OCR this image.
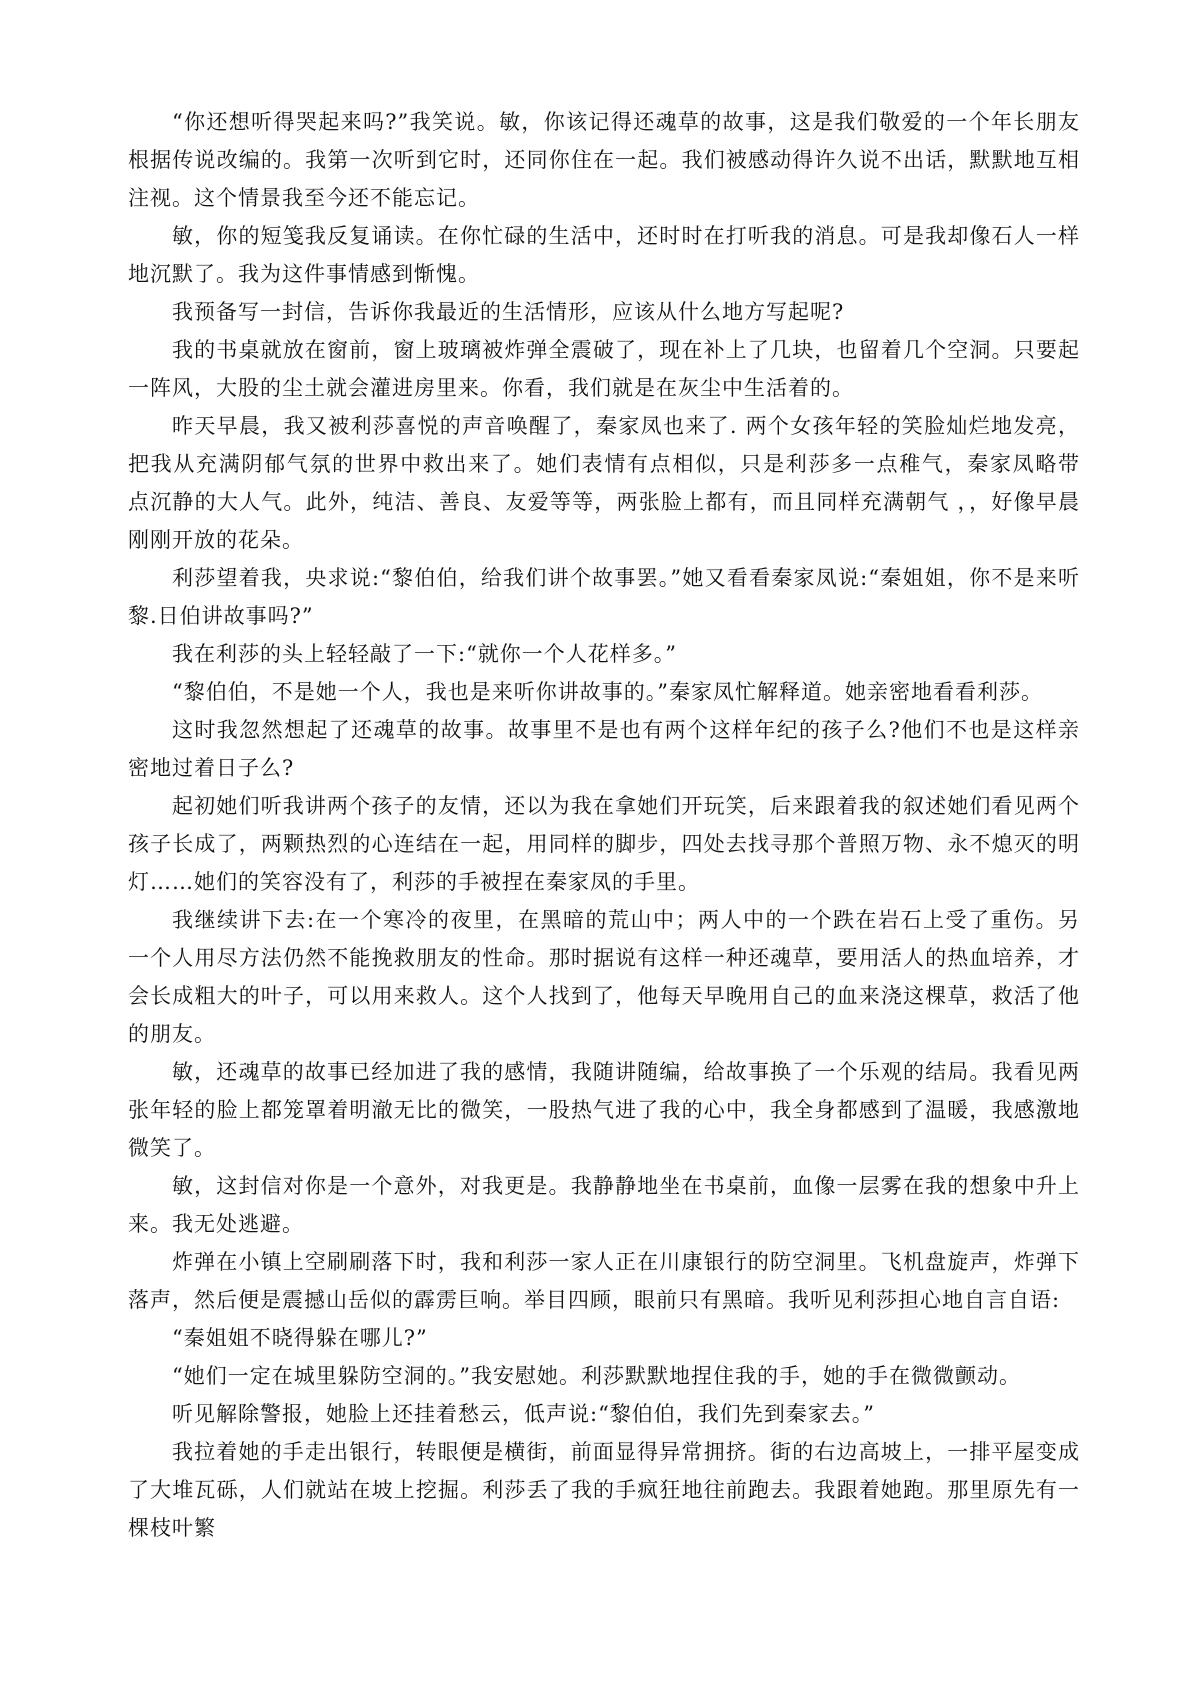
“你还想听得哭起来吗?”我笑说。敏，你该记得还魂草的故事，这是我们敬爱的一个年长朋友根据传说改编的。我第一次听到它时，还同你住在一起。我们被感动得许久说不出话，默默地互相注视。这个情景我至今还不能忘记。

敏，你的短笺我反复诵读。在你忙碌的生活中，还时时在打听我的消息。可是我却像石人一样地沉默了。我为这件事情感到惭愧。

我预备写一封信，告诉你我最近的生活情形，应该从什么地方写起呢?

我的书桌就放在窗前，窗上玻璃被炸弹全震破了，现在补上了几块，也留着几个空洞。只要起一阵风，大股的尘土就会灌进房里来。你看，我们就是在灰尘中生活着的。

昨天早晨，我又被利莎喜悦的声音唤醒了，秦家凤也来了. 两个女孩年轻的笑脸灿烂地发亮，把我从充满阴郁气氛的世界中救出来了。她们表情有点相似，只是利莎多一点稚气，秦家凤略带　 点沉静的大人气。此外，纯洁、善良、友爱等等，两张脸上都有，而且同样充满朝气 ，，好像早晨刚刚开放的花朵。

利莎望着我，央求说:“黎伯伯，给我们讲个故事罢。”她又看看秦家凤说:“秦姐姐，你不是来听黎.日伯讲故事吗?”

我在利莎的头上轻轻敲了一下:“就你一个人花样多。”

“黎伯伯，不是她一个人，我也是来听你讲故事的。”秦家凤忙解释道。她亲密地看看利莎。

这时我忽然想起了还魂草的故事。故事里不是也有两个这样年纪的孩子么?他们不也是这样亲密地过着日子么?

起初她们听我讲两个孩子的友情，还以为我在拿她们开玩笑，后来跟着我的叙述她们看见两个孩子长成了，两颗热烈的心连结在一起，用同样的脚步，四处去找寻那个普照万物、永不熄灭的明灯……她们的笑容没有了，利莎的手被捏在秦家凤的手里。

我继续讲下去:在一个寒冷的夜里，在黑暗的荒山中；两人中的一个跌在岩石上受了重伤。另一个人用尽方法仍然不能挽救朋友的性命。那时据说有这样一种还魂草，要用活人的热血培养，才会长成粗大的叶子，可以用来救人。这个人找到了，他每天早晚用自己的血来浇这棵草，救活了他的朋友。

敏，还魂草的故事已经加进了我的感情，我随讲随编，给故事换了一个乐观的结局。我看见两张年轻的脸上都笼罩着明澈无比的微笑，一股热气进了我的心中，我全身都感到了温暖，我感激地微笑了。

敏，这封信对你是一个意外，对我更是。我静静地坐在书桌前，血像一层雾在我的想象中升上来。我无处逃避。

炸弹在小镇上空刷刷落下时，我和利莎一家人正在川康银行的防空洞里。飞机盘旋声，炸弹下落声，然后便是震撼山岳似的霹雳巨响。举目四顾，眼前只有黑暗。我听见利莎担心地自言自语:

“秦姐姐不晓得躲在哪儿?”

“她们一定在城里躲防空洞的。”我安慰她。利莎默默地捏住我的手，她的手在微微颤动。

听见解除警报，她脸上还挂着愁云，低声说:“黎伯伯，我们先到秦家去。”

我拉着她的手走出银行，转眼便是横街，前面显得异常拥挤。街的右边高坡上，一排平屋变成了大堆瓦砾，人们就站在坡上挖掘。利莎丢了我的手疯狂地往前跑去。我跟着她跑。那里原先有一棵枝叶繁
